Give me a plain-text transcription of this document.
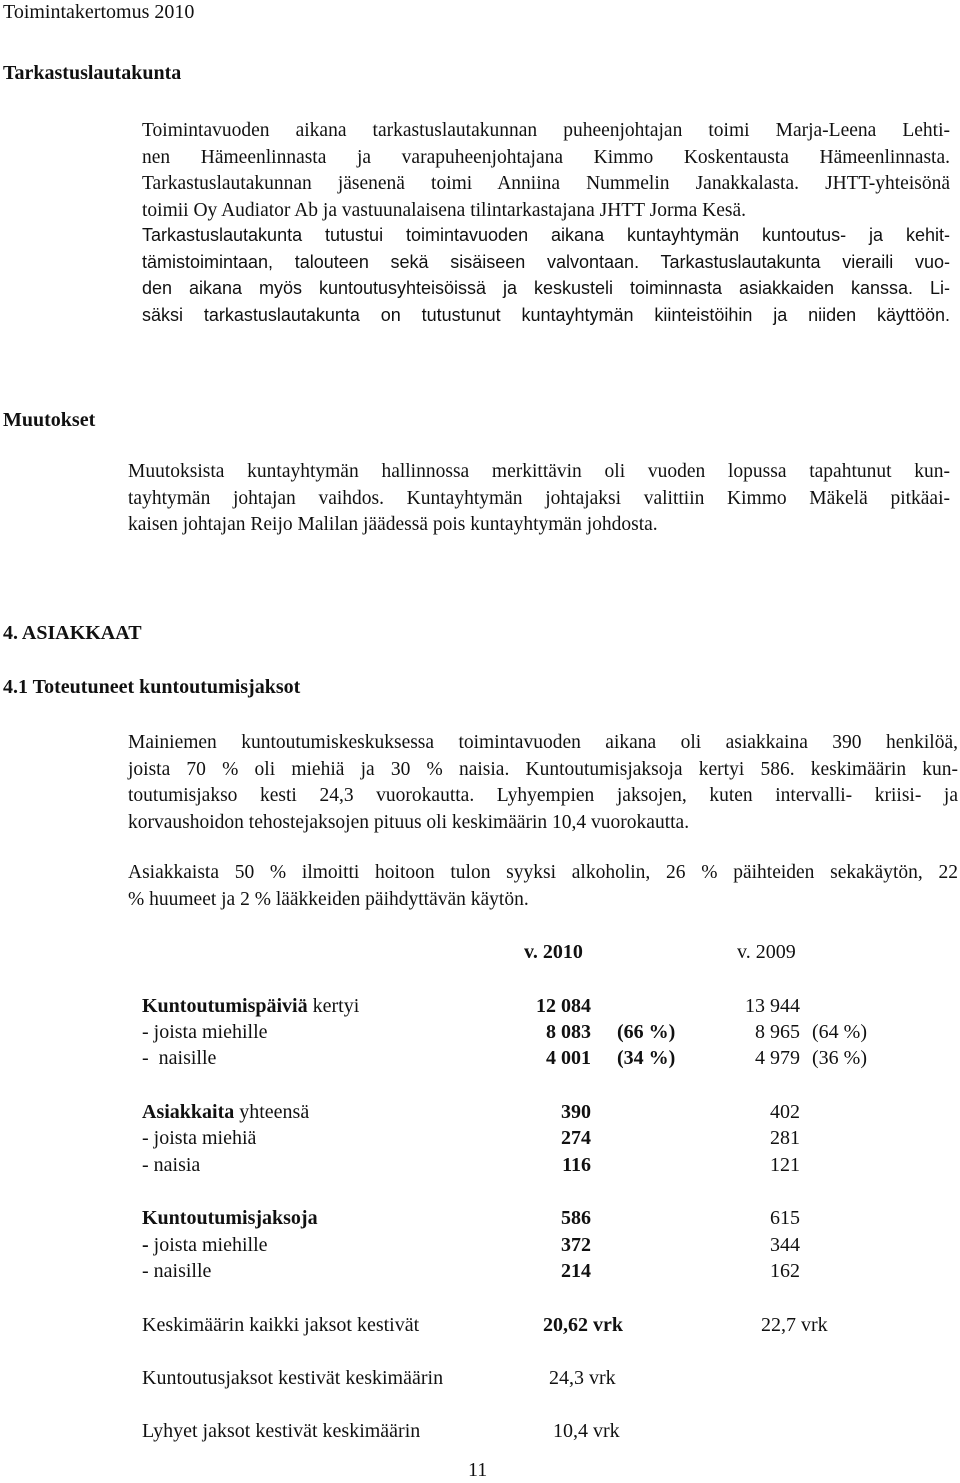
Toimintakertomus 2010
Tarkastuslautakunta
Toimintavuoden aikana tarkastuslautakunnan puheenjohtajan toimi Marja-Leena Lehti-
nen Hämeenlinnasta ja varapuheenjohtajana Kimmo Koskentausta Hämeenlinnasta.
Tarkastuslautakunnan jäsenenä toimi Anniina Nummelin Janakkalasta. JHTT-yhteisönä
toimii Oy Audiator Ab ja vastuunalaisena tilintarkastajana JHTT Jorma Kesä.
Tarkastuslautakunta tutustui toimintavuoden aikana kuntayhtymän kuntoutus- ja kehit-
tämistoimintaan, talouteen sekä sisäiseen valvontaan. Tarkastuslautakunta vieraili vuo-
den aikana myös kuntoutusyhteisöissä ja keskusteli toiminnasta asiakkaiden kanssa. Li-
säksi tarkastuslautakunta on tutustunut kuntayhtymän kiinteistöihin ja niiden käyttöön.
Muutokset
Muutoksista kuntayhtymän hallinnossa merkittävin oli vuoden lopussa tapahtunut kun-
tayhtymän johtajan vaihdos. Kuntayhtymän johtajaksi valittiin Kimmo Mäkelä pitkäai-
kaisen johtajan Reijo Malilan jäädessä pois kuntayhtymän johdosta.
4. ASIAKKAAT
4.1 Toteutuneet kuntoutumisjaksot
Mainiemen kuntoutumiskeskuksessa toimintavuoden aikana oli asiakkaina 390 henkilöä,
joista 70 % oli miehiä ja 30 % naisia. Kuntoutumisjaksoja kertyi 586. keskimäärin kun-
toutumisjakso kesti 24,3 vuorokautta. Lyhyempien jaksojen, kuten intervalli- kriisi- ja
korvaushoidon tehostejaksojen pituus oli keskimäärin 10,4 vuorokautta.
Asiakkaista 50 % ilmoitti hoitoon tulon syyksi alkoholin, 26 % päihteiden sekakäytön, 22
% huumeet ja 2 % lääkkeiden päihdyttävän käytön.
v. 2010	v. 2009
Kuntoutumispäiviä kertyi	12 084	13 944
- joista miehille	8 083 (66 %)	8 965 (64 %)
-  naisille	4 001 (34 %)	4 979 (36 %)
Asiakkaita yhteensä	390	402
- joista miehiä	274	281
- naisia	116	121
Kuntoutumisjaksoja	586	615
- joista miehille	372	344
- naisille	214	162
Keskimäärin kaikki jaksot kestivät	20,62 vrk	22,7 vrk
Kuntoutusjaksot kestivät keskimäärin	24,3 vrk
Lyhyet jaksot kestivät keskimäärin	10,4 vrk
11
